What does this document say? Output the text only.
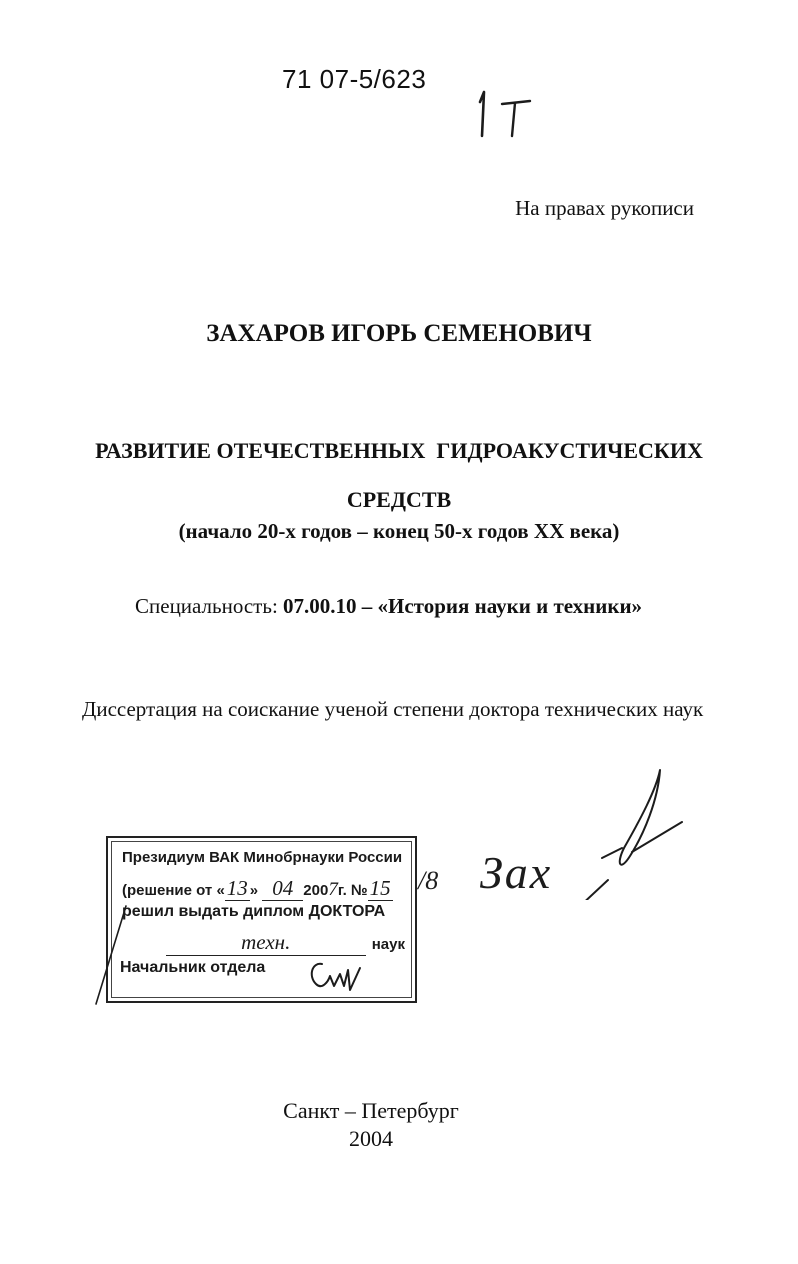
71 07-5/623
На правах рукописи
ЗАХАРОВ ИГОРЬ СЕМЕНОВИЧ
РАЗВИТИЕ ОТЕЧЕСТВЕННЫХ  ГИДРОАКУСТИЧЕСКИХ
СРЕДСТВ
(начало 20-х годов – конец 50-х годов XX века)
Специальность: 07.00.10 – «История науки и техники»
Диссертация на соискание ученой степени доктора технических наук
Президиум ВАК Минобрнауки России
(решение от «13 » 04 2007г. №15
решил выдать диплом ДОКТОРА
техн.	наук
Начальник отдела
/8 Зах
Санкт – Петербург
2004
